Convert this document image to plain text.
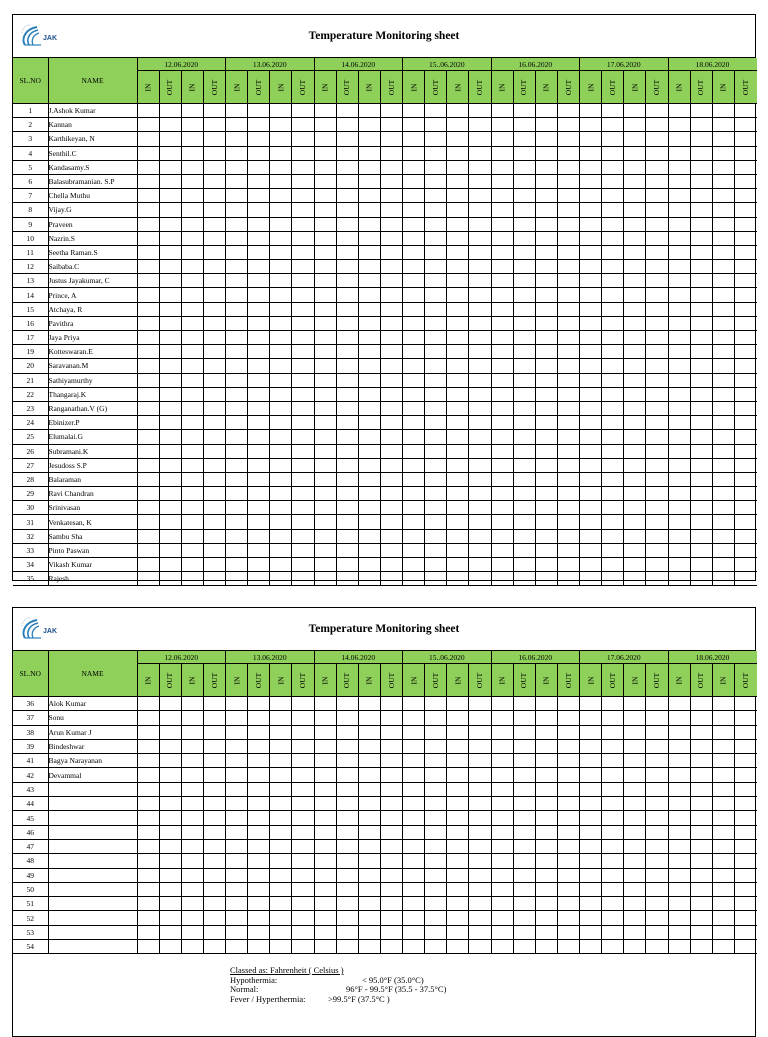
JAK	Temperature Monitoring sheet
SL.NO	NAME	12.06.2020				13.06.2020				14.06.2020				15..06.2020				16.06.2020				17.06.2020				18.06.2020			
		IN	OUT	IN	OUT	IN	OUT	IN	OUT	IN	OUT	IN	OUT	IN	OUT	IN	OUT	IN	OUT	IN	OUT	IN	OUT	IN	OUT	IN	OUT	IN	OUT
1	J.Ashok Kumar																												
2	Kannan																												
3	Karthikeyan, N																												
4	Senthil.C																												
5	Kandasamy.S																												
6	Balasubramanian. S.P																												
7	Chella Muthu																												
8	Vijay.G																												
9	Praveen																												
10	Nazrin.S																												
11	Seetha Raman.S																												
12	Saibaba.C																												
13	Justus Jayakumar, C																												
14	Prince, A																												
15	Atchaya, R																												
16	Pavithra																												
17	Jaya Priya																												
19	Kotteswaran.E																												
20	Saravanan.M																												
21	Sathiyamurthy																												
22	Thangaraj.K																												
23	Ranganathan.V (G)																												
24	Ebinizer.P																												
25	Elumalai.G																												
26	Subramani.K																												
27	Jesudoss S.P																												
28	Balaraman																												
29	Ravi Chandran																												
30	Srinivasan																												
31	Venkatesan, K																												
32	Sambu Sha																												
33	Pinto Paswan																												
34	Vikash Kumar																												
35	Rajesh																												
JAK	Temperature Monitoring sheet
SL.NO	NAME	12.06.2020				13.06.2020				14.06.2020				15..06.2020				16.06.2020				17.06.2020				18.06.2020			
		IN	OUT	IN	OUT	IN	OUT	IN	OUT	IN	OUT	IN	OUT	IN	OUT	IN	OUT	IN	OUT	IN	OUT	IN	OUT	IN	OUT	IN	OUT	IN	OUT
36	Alok Kumar																												
37	Sonu																												
38	Arun Kumar J																												
39	Bindeshwar																												
41	Bagya Narayanan																												
42	Devammal																												
43																													
44																													
45																													
46																													
47																													
48																													
49																													
50																													
51																													
52																													
53																													
54																													
Classed as: Fahrenheit ( Celsius )
Hypothermia:	< 95.0°F (35.0°C)
Normal:	96°F - 99.5°F (35.5 - 37.5°C)
Fever / Hyperthermia:	>99.5°F (37.5°C )
